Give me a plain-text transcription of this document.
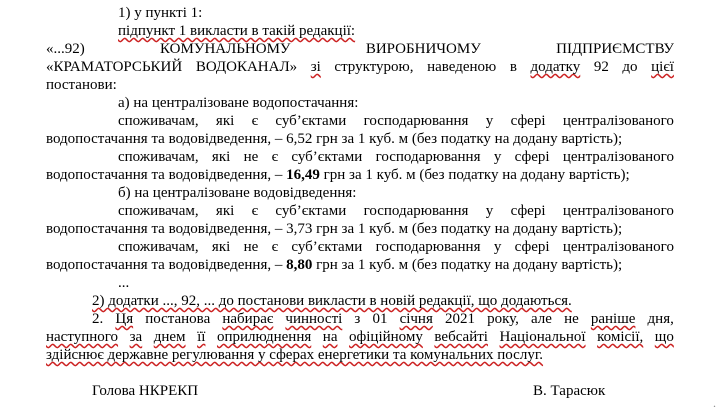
1) у пункті 1:
підпункт 1 викласти в такій редакції:
«...92)	КОМУНАЛЬНОМУ	ВИРОБНИЧОМУ	ПІДПРИЄМСТВУ
«КРАМАТОРСЬКИЙ ВОДОКАНАЛ» зі структурою, наведеною в додатку 92 до цієї
постанови:
а) на централізоване водопостачання:
споживачам, які є суб’єктами господарювання у сфері централізованого
водопостачання та водовідведення, – 6,52 грн за 1 куб. м (без податку на додану вартість);
споживачам, які не є суб’єктами господарювання у сфері централізованого
водопостачання та водовідведення, – 16,49 грн за 1 куб. м (без податку на додану вартість);
б) на централізоване водовідведення:
споживачам, які є суб’єктами господарювання у сфері централізованого
водопостачання та водовідведення, – 3,73 грн за 1 куб. м (без податку на додану вартість);
споживачам, які не є суб’єктами господарювання у сфері централізованого
водопостачання та водовідведення, – 8,80 грн за 1 куб. м (без податку на додану вартість);
...
2) додатки ..., 92, ... до постанови викласти в новій редакції, що додаються.
2. Ця постанова набирає чинності з 01 січня 2021 року, але не раніше дня,
наступного за днем її оприлюднення на офіційному вебсайті Національної комісії, що
здійснює державне регулювання у сферах енергетики та комунальних послуг.
Голова НКРЕКП	В. Тарасюк
.
